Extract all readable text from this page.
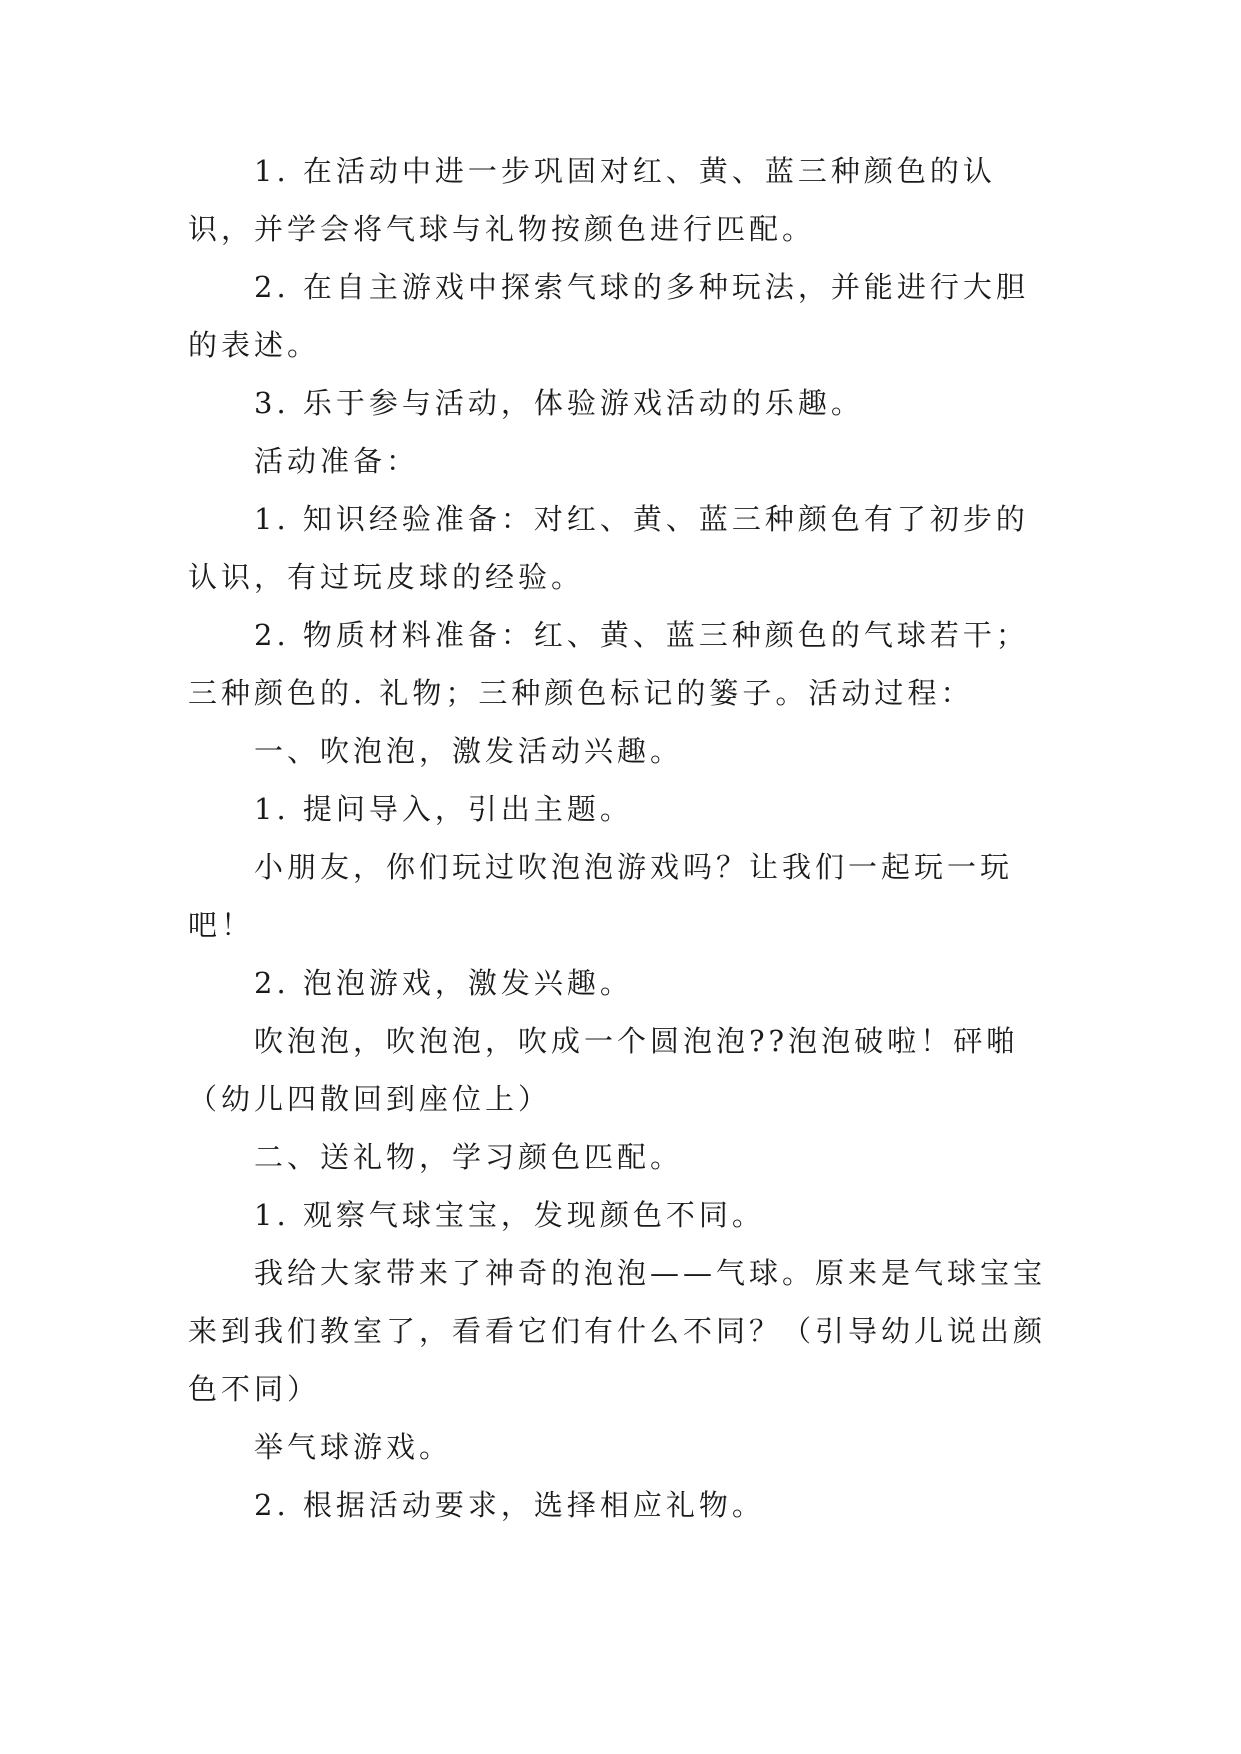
1. 在活动中进一步巩固对红、黄、蓝三种颜色的认识，并学会将气球与礼物按颜色进行匹配。

2. 在自主游戏中探索气球的多种玩法，并能进行大胆的表述。

3. 乐于参与活动，体验游戏活动的乐趣。

活动准备：

1. 知识经验准备：对红、黄、蓝三种颜色有了初步的认识，有过玩皮球的经验。

2. 物质材料准备：红、黄、蓝三种颜色的气球若干；三种颜色的. 礼物；三种颜色标记的篓子。活动过程：

一、吹泡泡，激发活动兴趣。

1. 提问导入，引出主题。

小朋友，你们玩过吹泡泡游戏吗？让我们一起玩一玩吧！

2. 泡泡游戏，激发兴趣。

吹泡泡，吹泡泡，吹成一个圆泡泡??泡泡破啦！砰啪（幼儿四散回到座位上）

二、送礼物，学习颜色匹配。

1. 观察气球宝宝，发现颜色不同。

我给大家带来了神奇的泡泡——气球。原来是气球宝宝来到我们教室了，看看它们有什么不同？（引导幼儿说出颜色不同）

举气球游戏。

2. 根据活动要求，选择相应礼物。
